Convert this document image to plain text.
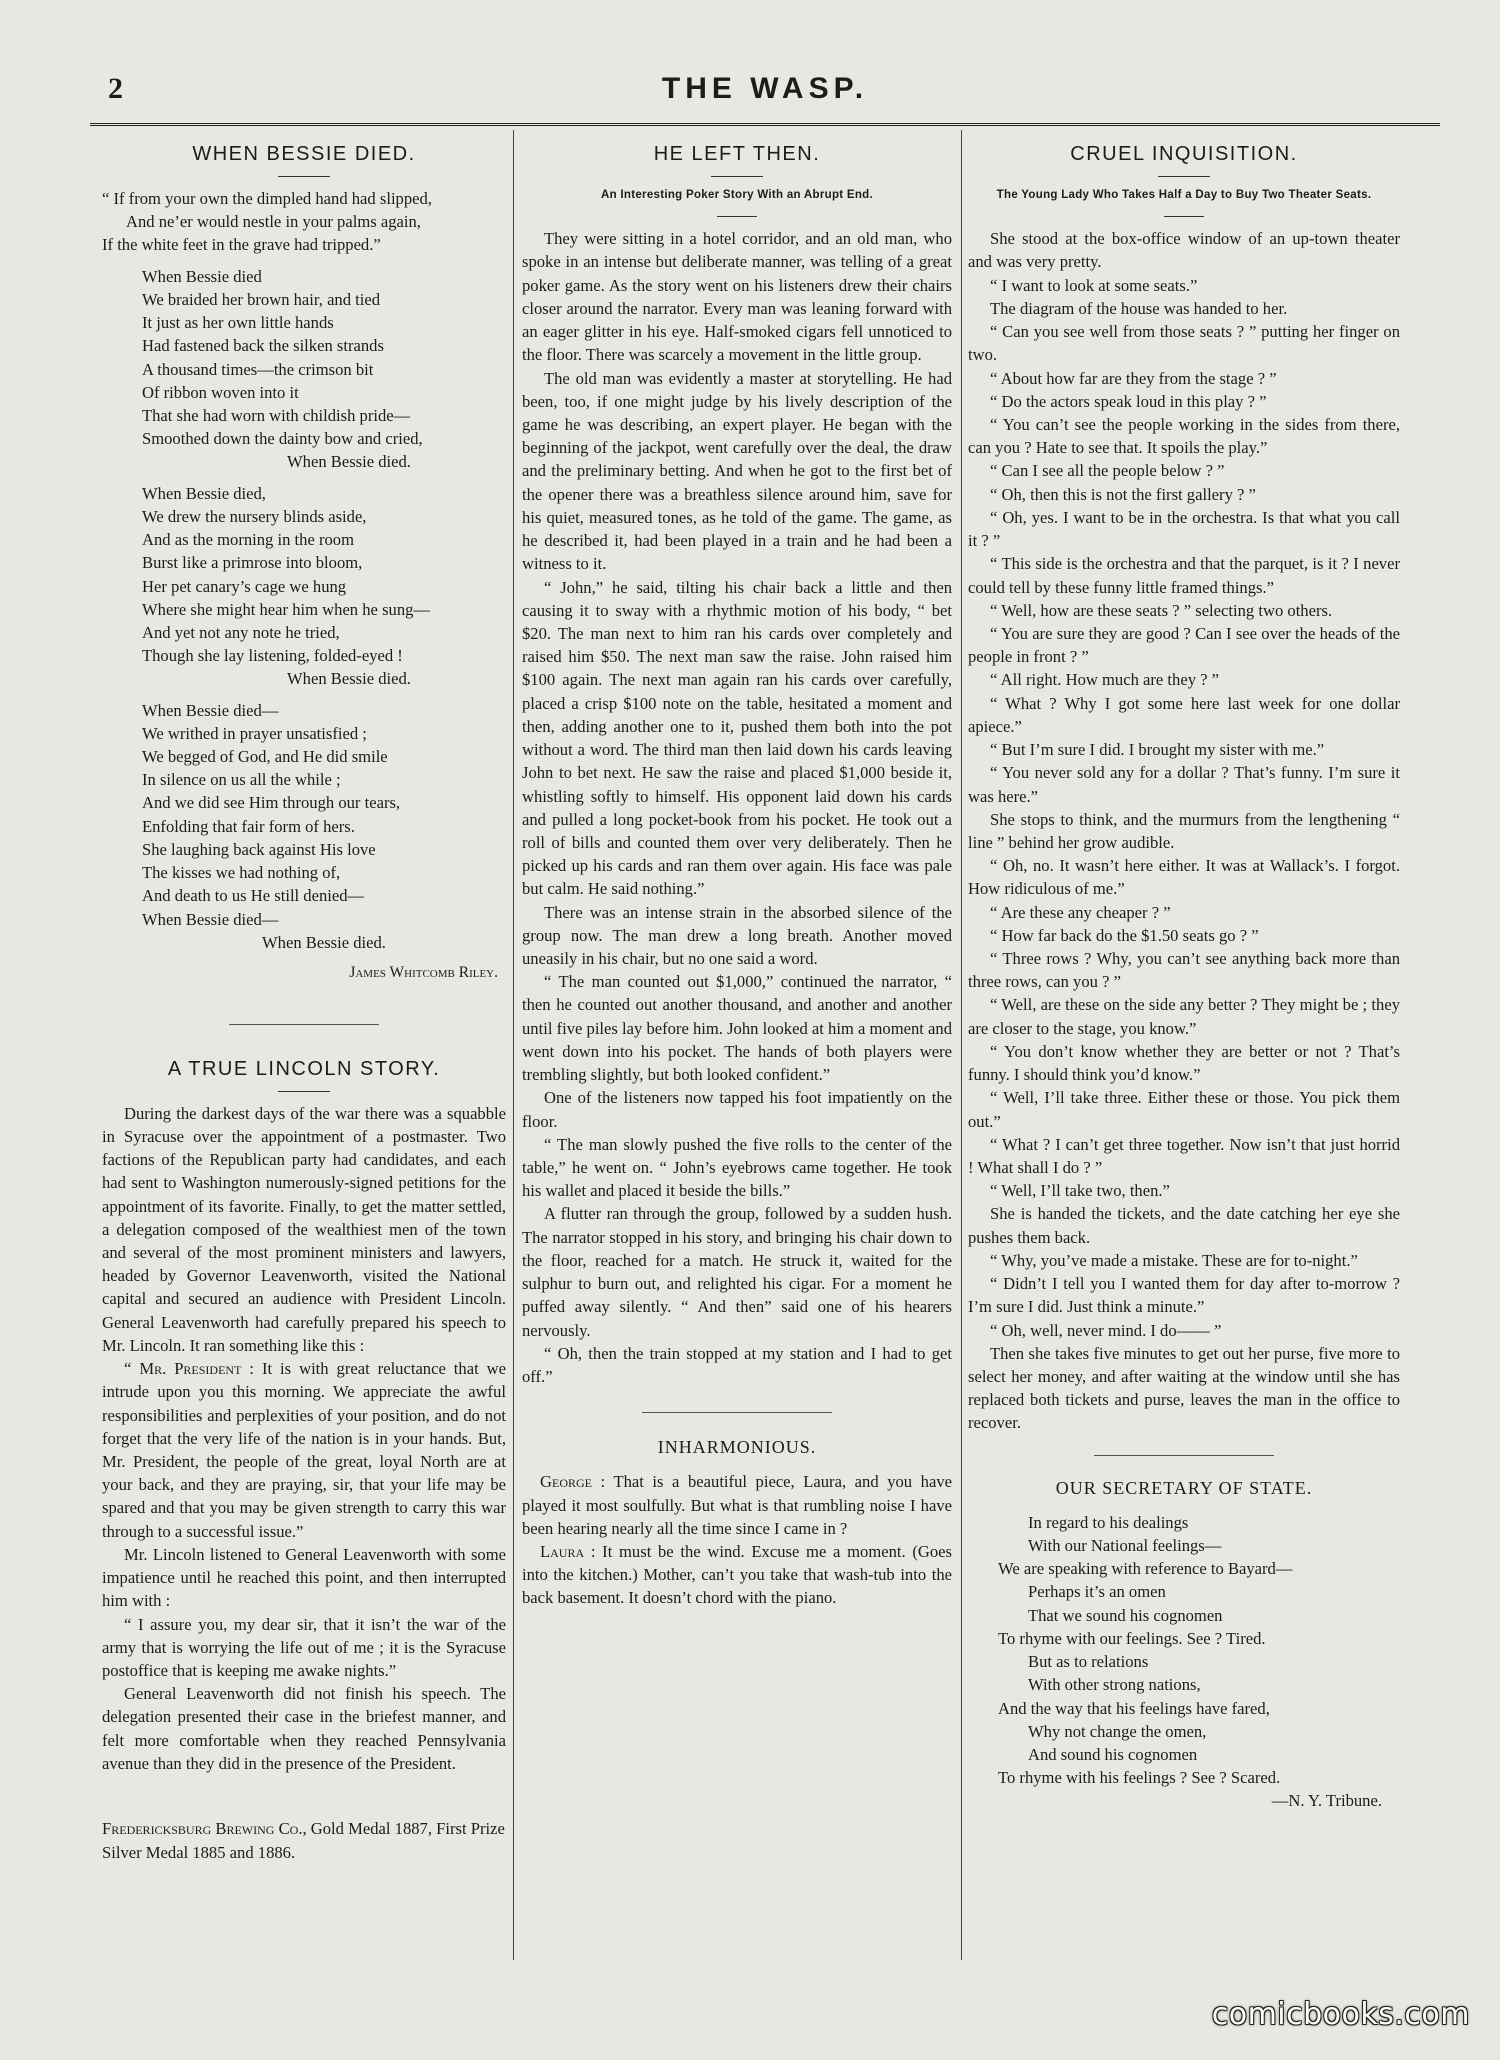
2	THE WASP.
WHEN BESSIE DIED.
“ If from your own the dimpled hand had slipped,
And ne’er would nestle in your palms again,
If the white feet in the grave had tripped.”
When Bessie died
We braided her brown hair, and tied
It just as her own little hands
Had fastened back the silken strands
A thousand times—the crimson bit
Of ribbon woven into it
That she had worn with childish pride—
Smoothed down the dainty bow and cried,
When Bessie died.
When Bessie died,
We drew the nursery blinds aside,
And as the morning in the room
Burst like a primrose into bloom,
Her pet canary’s cage we hung
Where she might hear him when he sung—
And yet not any note he tried,
Though she lay listening, folded-eyed !
When Bessie died.
When Bessie died—
We writhed in prayer unsatisfied ;
We begged of God, and He did smile
In silence on us all the while ;
And we did see Him through our tears,
Enfolding that fair form of hers.
She laughing back against His love
The kisses we had nothing of,
And death to us He still denied—
When Bessie died—
When Bessie died.
James Whitcomb Riley.
A TRUE LINCOLN STORY.

During the darkest days of the war there was a squabble in Syracuse over the appointment of a postmaster. Two factions of the Republican party had candidates, and each had sent to Washington numerously-signed petitions for the appointment of its favorite. Finally, to get the matter settled, a delegation composed of the wealthiest men of the town and several of the most prominent ministers and lawyers, headed by Governor Leavenworth, visited the National capital and secured an audience with President Lincoln. General Leavenworth had carefully prepared his speech to Mr. Lincoln. It ran something like this :

“ Mr. President : It is with great reluctance that we intrude upon you this morning. We appreciate the awful responsibilities and perplexities of your position, and do not forget that the very life of the nation is in your hands. But, Mr. President, the people of the great, loyal North are at your back, and they are praying, sir, that your life may be spared and that you may be given strength to carry this war through to a successful issue.”

Mr. Lincoln listened to General Leavenworth with some impatience until he reached this point, and then interrupted him with :

“ I assure you, my dear sir, that it isn’t the war of the army that is worrying the life out of me ; it is the Syracuse postoffice that is keeping me awake nights.”

General Leavenworth did not finish his speech. The delegation presented their case in the briefest manner, and felt more comfortable when they reached Pennsylvania avenue than they did in the presence of the President.

Fredericksburg Brewing Co., Gold Medal 1887, First Prize Silver Medal 1885 and 1886.
HE LEFT THEN.
An Interesting Poker Story With an Abrupt End.

They were sitting in a hotel corridor, and an old man, who spoke in an intense but deliberate manner, was telling of a great poker game. As the story went on his listeners drew their chairs closer around the narrator. Every man was leaning forward with an eager glitter in his eye. Half-smoked cigars fell unnoticed to the floor. There was scarcely a movement in the little group.

The old man was evidently a master at storytelling. He had been, too, if one might judge by his lively description of the game he was describing, an expert player. He began with the beginning of the jackpot, went carefully over the deal, the draw and the preliminary betting. And when he got to the first bet of the opener there was a breathless silence around him, save for his quiet, measured tones, as he told of the game. The game, as he described it, had been played in a train and he had been a witness to it.

“ John,” he said, tilting his chair back a little and then causing it to sway with a rhythmic motion of his body, “ bet $20. The man next to him ran his cards over completely and raised him $50. The next man saw the raise. John raised him $100 again. The next man again ran his cards over carefully, placed a crisp $100 note on the table, hesitated a moment and then, adding another one to it, pushed them both into the pot without a word. The third man then laid down his cards leaving John to bet next. He saw the raise and placed $1,000 beside it, whistling softly to himself. His opponent laid down his cards and pulled a long pocket-book from his pocket. He took out a roll of bills and counted them over very deliberately. Then he picked up his cards and ran them over again. His face was pale but calm. He said nothing.”

There was an intense strain in the absorbed silence of the group now. The man drew a long breath. Another moved uneasily in his chair, but no one said a word.

“ The man counted out $1,000,” continued the narrator, “ then he counted out another thousand, and another and another until five piles lay before him. John looked at him a moment and went down into his pocket. The hands of both players were trembling slightly, but both looked confident.”

One of the listeners now tapped his foot impatiently on the floor.

“ The man slowly pushed the five rolls to the center of the table,” he went on. “ John’s eyebrows came together. He took his wallet and placed it beside the bills.”

A flutter ran through the group, followed by a sudden hush. The narrator stopped in his story, and bringing his chair down to the floor, reached for a match. He struck it, waited for the sulphur to burn out, and relighted his cigar. For a moment he puffed away silently. “ And then” said one of his hearers nervously.

“ Oh, then the train stopped at my station and I had to get off.”

INHARMONIOUS.

George : That is a beautiful piece, Laura, and you have played it most soulfully. But what is that rumbling noise I have been hearing nearly all the time since I came in ?

Laura : It must be the wind. Excuse me a moment. (Goes into the kitchen.) Mother, can’t you take that wash-tub into the back basement. It doesn’t chord with the piano.

CRUEL INQUISITION.
The Young Lady Who Takes Half a Day to Buy Two Theater Seats.

She stood at the box-office window of an up-town theater and was very pretty.

“ I want to look at some seats.”

The diagram of the house was handed to her.

“ Can you see well from those seats ? ” putting her finger on two.

“ About how far are they from the stage ? ”

“ Do the actors speak loud in this play ? ”

“ You can’t see the people working in the sides from there, can you ? Hate to see that. It spoils the play.”

“ Can I see all the people below ? ”

“ Oh, then this is not the first gallery ? ”

“ Oh, yes. I want to be in the orchestra. Is that what you call it ? ”

“ This side is the orchestra and that the parquet, is it ? I never could tell by these funny little framed things.”

“ Well, how are these seats ? ” selecting two others.

“ You are sure they are good ? Can I see over the heads of the people in front ? ”

“ All right. How much are they ? ”

“ What ? Why I got some here last week for one dollar apiece.”

“ But I’m sure I did. I brought my sister with me.”

“ You never sold any for a dollar ? That’s funny. I’m sure it was here.”

She stops to think, and the murmurs from the lengthening “ line ” behind her grow audible.

“ Oh, no. It wasn’t here either. It was at Wallack’s. I forgot. How ridiculous of me.”

“ Are these any cheaper ? ”

“ How far back do the $1.50 seats go ? ”

“ Three rows ? Why, you can’t see anything back more than three rows, can you ? ”

“ Well, are these on the side any better ? They might be ; they are closer to the stage, you know.”

“ You don’t know whether they are better or not ? That’s funny. I should think you’d know.”

“ Well, I’ll take three. Either these or those. You pick them out.”

“ What ? I can’t get three together. Now isn’t that just horrid ! What shall I do ? ”

“ Well, I’ll take two, then.”

She is handed the tickets, and the date catching her eye she pushes them back.

“ Why, you’ve made a mistake. These are for to-night.”

“ Didn’t I tell you I wanted them for day after to-morrow ? I’m sure I did. Just think a minute.”

“ Oh, well, never mind. I do—— ”

Then she takes five minutes to get out her purse, five more to select her money, and after waiting at the window until she has replaced both tickets and purse, leaves the man in the office to recover.

OUR SECRETARY OF STATE.
In regard to his dealings
With our National feelings—
We are speaking with reference to Bayard—
Perhaps it’s an omen
That we sound his cognomen
To rhyme with our feelings. See ? Tired.
But as to relations
With other strong nations,
And the way that his feelings have fared,
Why not change the omen,
And sound his cognomen
To rhyme with his feelings ? See ? Scared.
—N. Y. Tribune.
comicbooks.com
